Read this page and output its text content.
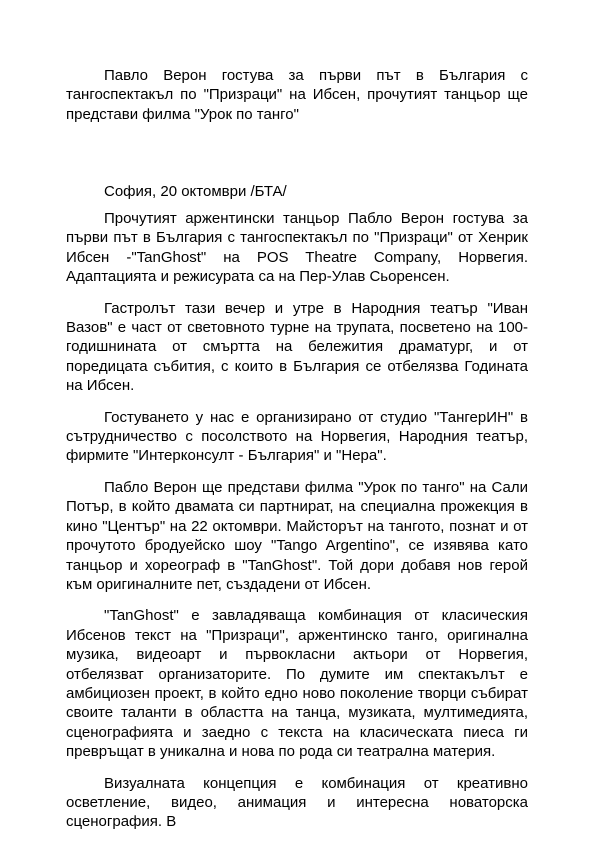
Павло Верон гостува за първи път в България с тангоспектакъл по "Призраци" на Ибсен, прочутият танцьор ще представи филма "Урок по танго"

София, 20 октомври /БТА/

Прочутият аржентински танцьор Пабло Верон гостува за първи път в България с тангоспектакъл по "Призраци" от Хенрик Ибсен -"TanGhost" на POS Theatre Company, Норвегия. Адаптацията и режисурата са на Пер-Улав Сьоренсен.

Гастролът тази вечер и утре в Народния театър "Иван Вазов" е част от световното турне на трупата, посветено на 100-годишнината от смъртта на бележития драматург, и от поредицата събития, с които в България се отбелязва Годината на Ибсен.

Гостуването у нас е организирано от студио "ТангерИН" в сътрудничество с посолството на Норвегия, Народния театър, фирмите "Интерконсулт - България" и "Нера".

Пабло Верон ще представи филма "Урок по танго" на Сали Потър, в който двамата си партнират, на специална прожекция в кино "Център" на 22 октомври. Майсторът на тангото, познат и от прочутото бродуейско шоу "Tango Argentino", се изявява като танцьор и хореограф в "TanGhost". Той дори добавя нов герой към оригиналните пет, създадени от Ибсен.

"TanGhost" е завладяваща комбинация от класическия Ибсенов текст на "Призраци", аржентинско танго, оригинална музика, видеоарт и първокласни актьори от Норвегия, отбелязват организаторите. По думите им спектакълът е амбициозен проект, в който едно ново поколение творци събират своите таланти в областта на танца, музиката, мултимедията, сценографията и заедно с текста на класическата пиеса ги превръщат в уникална и нова по рода си театрална материя.

Визуалната концепция е комбинация от креативно осветление, видео, анимация и интересна новаторска сценография. В
